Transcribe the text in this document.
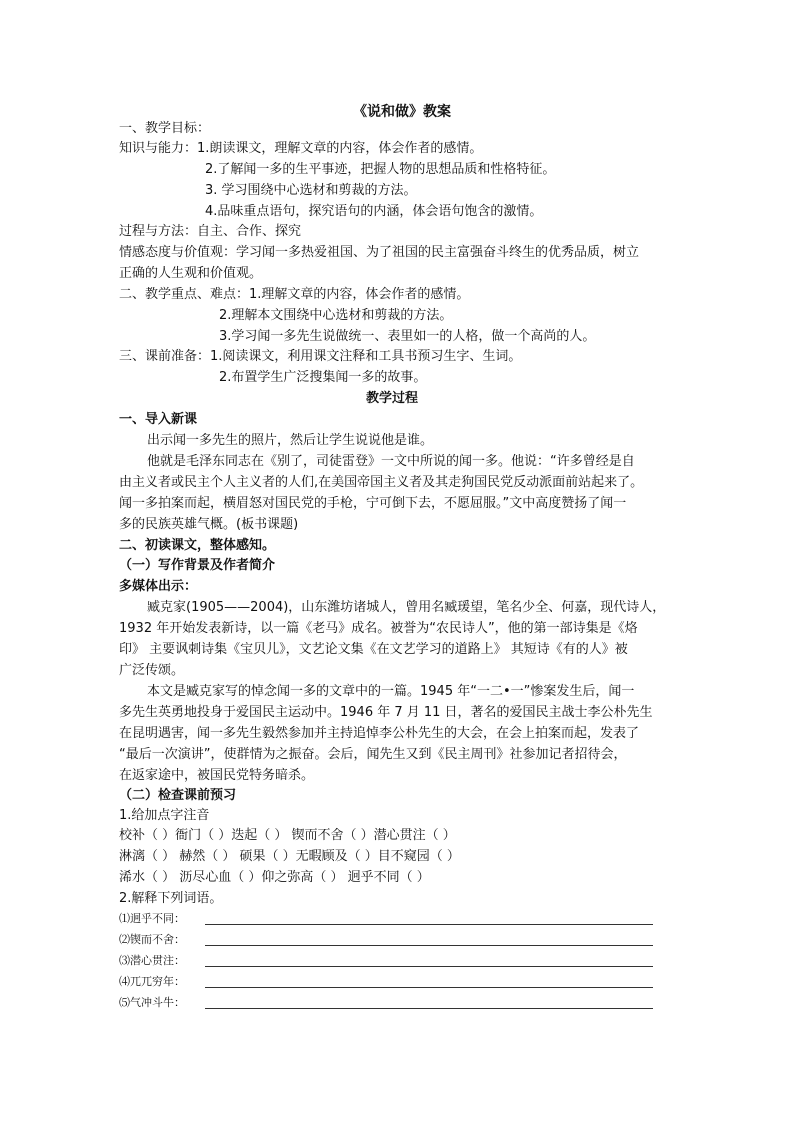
《说和做》教案
一、教学目标：
知识与能力：1.朗读课文，理解文章的内容，体会作者的感情。
2.了解闻一多的生平事迹，把握人物的思想品质和性格特征。
3. 学习围绕中心选材和剪裁的方法。
4.品味重点语句，探究语句的内涵，体会语句饱含的激情。
过程与方法：自主、合作、探究
情感态度与价值观：学习闻一多热爱祖国、为了祖国的民主富强奋斗终生的优秀品质，树立
正确的人生观和价值观。
二、教学重点、难点：1.理解文章的内容，体会作者的感情。
2.理解本文围绕中心选材和剪裁的方法。
3.学习闻一多先生说做统一、表里如一的人格，做一个高尚的人。
三、课前准备：1.阅读课文，利用课文注释和工具书预习生字、生词。
2.布置学生广泛搜集闻一多的故事。
教学过程
一、导入新课
出示闻一多先生的照片，然后让学生说说他是谁。
他就是毛泽东同志在《别了，司徒雷登》一文中所说的闻一多。他说：“许多曾经是自
由主义者或民主个人主义者的人们,在美国帝国主义者及其走狗国民党反动派面前站起来了。
闻一多拍案而起，横眉怒对国民党的手枪，宁可倒下去，不愿屈服。”文中高度赞扬了闻一
多的民族英雄气概。(板书课题)
二、初读课文，整体感知。
（一）写作背景及作者简介
多媒体出示：
臧克家(1905——2004)，山东潍坊诸城人，曾用名臧瑗望，笔名少全、何嘉，现代诗人，
1932 年开始发表新诗，以一篇《老马》成名。被誉为“农民诗人”，他的第一部诗集是《烙
印》 主要讽刺诗集《宝贝儿》，文艺论文集《在文艺学习的道路上》 其短诗《有的人》被
广泛传颂。
本文是臧克家写的悼念闻一多的文章中的一篇。1945 年“一二•一”惨案发生后，闻一
多先生英勇地投身于爱国民主运动中。1946 年 7 月 11 日，著名的爱国民主战士李公朴先生
在昆明遇害，闻一多先生毅然参加并主持追悼李公朴先生的大会，在会上拍案而起，发表了
“最后一次演讲”，使群情为之振奋。会后，闻先生又到《民主周刊》社参加记者招待会，
在返家途中，被国民党特务暗杀。
（二）检查课前预习
1.给加点字注音
校补（ ）衙门（ ）迭起（ ） 锲而不舍（ ）潜心贯注（ ）
淋漓（ ） 赫然（ ） 硕果（ ）无暇顾及（ ）目不窥园（ ）
浠水（ ） 沥尽心血（ ）仰之弥高（ ） 迥乎不同（ ）
2.解释下列词语。
⑴迥乎不同：
⑵锲而不舍：
⑶潜心贯注：
⑷兀兀穷年：
⑸气冲斗牛：
